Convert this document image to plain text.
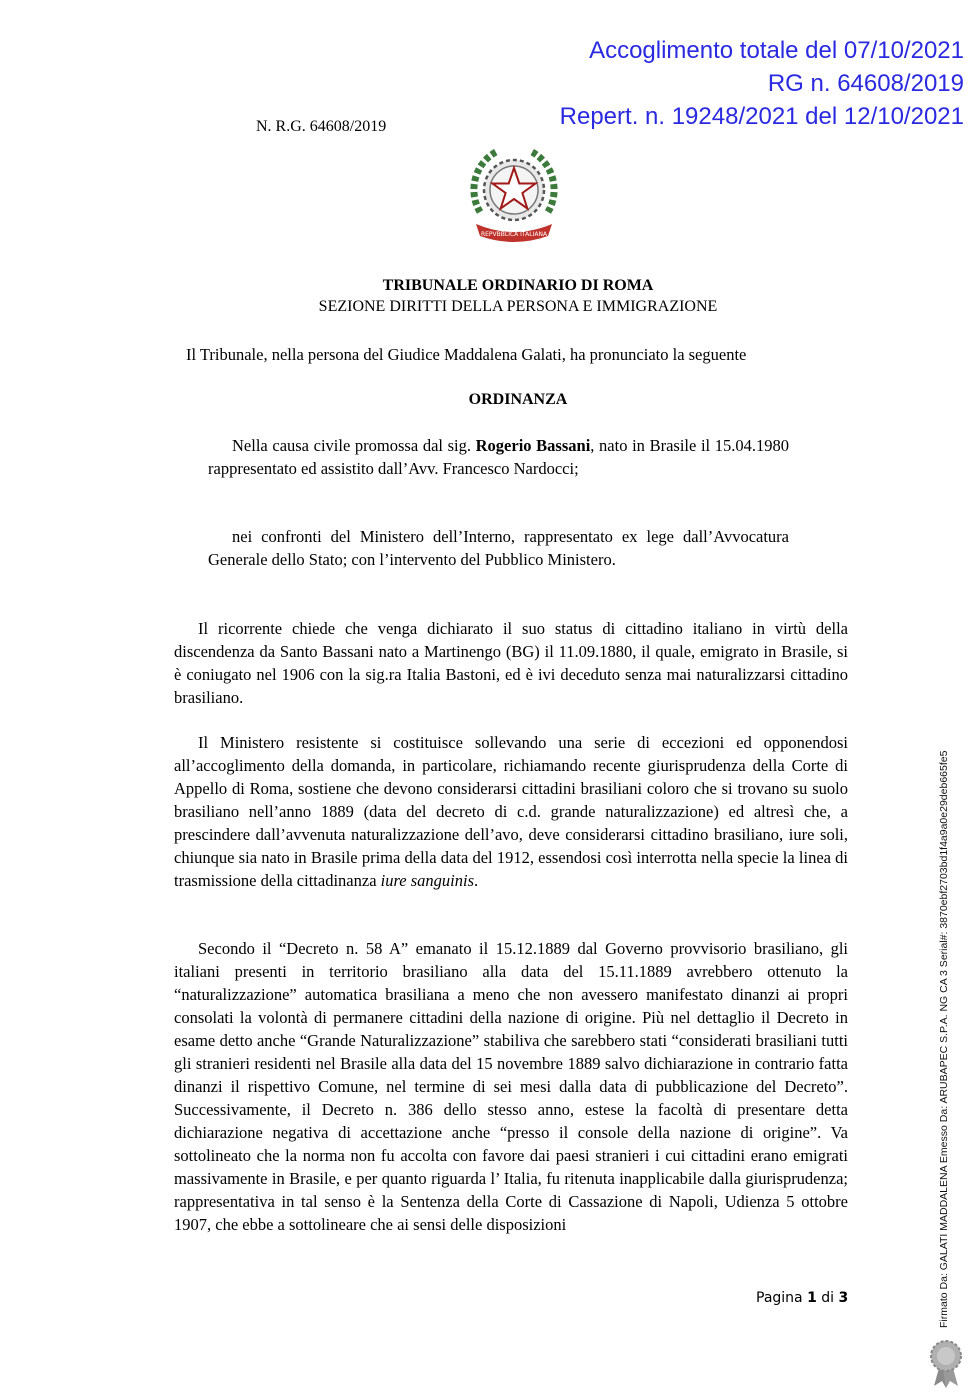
Accoglimento totale del 07/10/2021
RG n. 64608/2019
Repert. n. 19248/2021 del 12/10/2021
N. R.G. 64608/2019
REPVBBLICA ITALIANA
TRIBUNALE ORDINARIO DI ROMA
SEZIONE DIRITTI DELLA PERSONA E IMMIGRAZIONE
Il Tribunale, nella persona del Giudice Maddalena Galati, ha pronunciato la seguente
ORDINANZA
Nella causa civile promossa dal sig. Rogerio Bassani, nato in Brasile il 15.04.1980 rappresentato ed assistito dall’Avv. Francesco Nardocci;
nei confronti del Ministero dell’Interno, rappresentato ex lege dall’Avvocatura Generale dello Stato; con l’intervento del Pubblico Ministero.
Il ricorrente chiede che venga dichiarato il suo status di cittadino italiano in virtù della discendenza da Santo Bassani nato a Martinengo (BG) il 11.09.1880, il quale, emigrato in Brasile, si è coniugato nel 1906 con la sig.ra Italia Bastoni, ed è ivi deceduto senza mai naturalizzarsi cittadino brasiliano.
Il Ministero resistente si costituisce sollevando una serie di eccezioni ed opponendosi all’accoglimento della domanda, in particolare, richiamando recente giurisprudenza della Corte di Appello di Roma, sostiene che devono considerarsi cittadini brasiliani coloro che si trovano su suolo brasiliano nell’anno 1889 (data del decreto di c.d. grande naturalizzazione) ed altresì che, a prescindere dall’avvenuta naturalizzazione dell’avo, deve considerarsi cittadino brasiliano, iure soli, chiunque sia nato in Brasile prima della data del 1912, essendosi così interrotta nella specie la linea di trasmissione della cittadinanza iure sanguinis.
Secondo il “Decreto n. 58 A” emanato il 15.12.1889 dal Governo provvisorio brasiliano, gli italiani presenti in territorio brasiliano alla data del 15.11.1889 avrebbero ottenuto la “naturalizzazione” automatica brasiliana a meno che non avessero manifestato dinanzi ai propri consolati la volontà di permanere cittadini della nazione di origine. Più nel dettaglio il Decreto in esame detto anche “Grande Naturalizzazione” stabiliva che sarebbero stati “considerati brasiliani tutti gli stranieri residenti nel Brasile alla data del 15 novembre 1889 salvo dichiarazione in contrario fatta dinanzi il rispettivo Comune, nel termine di sei mesi dalla data di pubblicazione del Decreto”. Successivamente, il Decreto n. 386 dello stesso anno, estese la facoltà di presentare detta dichiarazione negativa di accettazione anche “presso il console della nazione di origine”. Va sottolineato che la norma non fu accolta con favore dai paesi stranieri i cui cittadini erano emigrati massivamente in Brasile, e per quanto riguarda l’ Italia, fu ritenuta inapplicabile dalla giurisprudenza; rappresentativa in tal senso è la Sentenza della Corte di Cassazione di Napoli, Udienza 5 ottobre 1907, che ebbe a sottolineare che ai sensi delle disposizioni
Pagina 1 di 3	Firmato Da: GALATI MADDALENA Emesso Da: ARUBAPEC S.P.A. NG CA 3 Serial#: 3870ebf2703bd1f4a9a0e29deb665fe5
